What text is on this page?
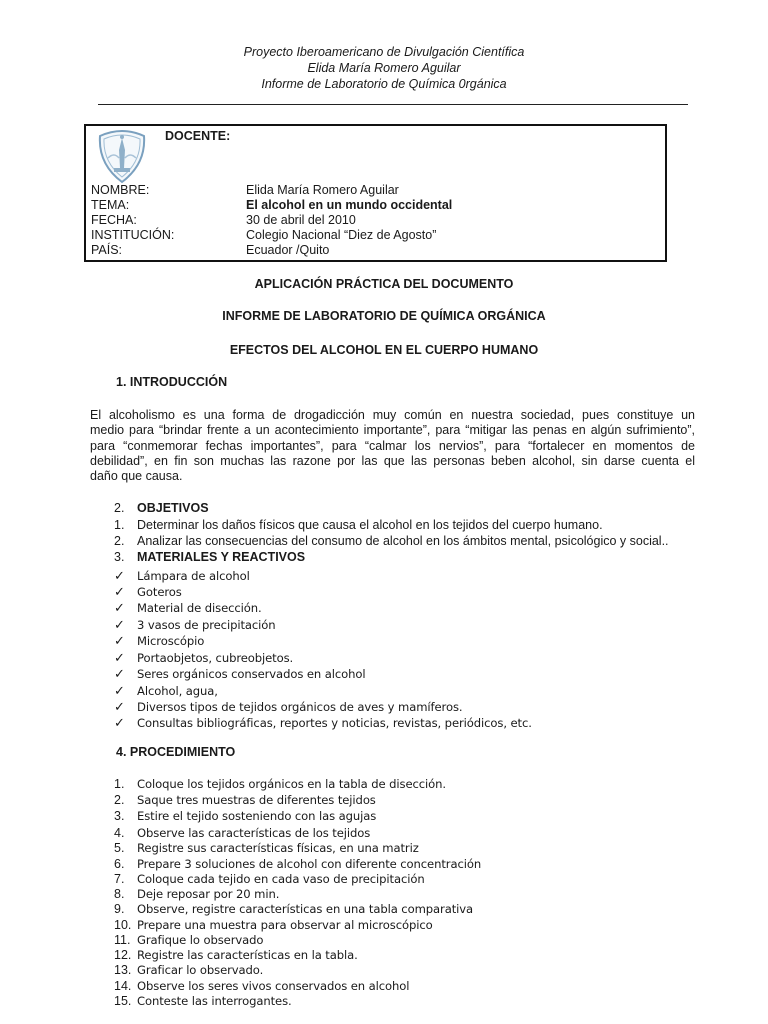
Proyecto Iberoamericano de Divulgación Científica
Elida María Romero Aguilar
Informe de Laboratorio de Química 0rgánica
DOCENTE:
NOMBRE:	Elida María Romero Aguilar
TEMA:	El alcohol en un mundo occidental
FECHA:	30 de abril del 2010
INSTITUCIÓN:	Colegio Nacional “Diez de Agosto”
PAÍS:	Ecuador /Quito
APLICACIÓN PRÁCTICA DEL DOCUMENTO
INFORME DE LABORATORIO DE QUÍMICA ORGÁNICA
EFECTOS DEL ALCOHOL EN EL CUERPO HUMANO
1. INTRODUCCIÓN
El alcoholismo es una forma de drogadicción muy común en nuestra sociedad, pues constituye un
medio para “brindar frente a un acontecimiento importante”, para “mitigar las penas en algún sufrimiento”,
para “conmemorar fechas importantes”, para “calmar los nervios”, para “fortalecer en momentos de
debilidad”, en fin son muchas las razone por las que las personas beben alcohol, sin darse cuenta el
daño que causa.
2. OBJETIVOS
1. Determinar los daños físicos que causa el alcohol en los tejidos del cuerpo humano.
2. Analizar las consecuencias del consumo de alcohol en los ámbitos mental, psicológico y social..
3. MATERIALES Y REACTIVOS
✓ Lámpara de alcohol
✓ Goteros
✓ Material de disección.
✓ 3 vasos de precipitación
✓ Microscópio
✓ Portaobjetos, cubreobjetos.
✓ Seres orgánicos conservados en alcohol
✓ Alcohol, agua,
✓ Diversos tipos de tejidos orgánicos de aves y mamíferos.
✓ Consultas bibliográficas, reportes y noticias, revistas, periódicos, etc.
4. PROCEDIMIENTO
1. Coloque los tejidos orgánicos en la tabla de disección.
2. Saque tres muestras de diferentes tejidos
3. Estire el tejido sosteniendo con las agujas
4. Observe las características de los tejidos
5. Registre sus características físicas, en una matriz
6. Prepare 3 soluciones de alcohol con diferente concentración
7. Coloque cada tejido en cada vaso de precipitación
8. Deje reposar por 20 min.
9. Observe, registre características en una tabla comparativa
10. Prepare una muestra para observar al microscópico
11. Grafique lo observado
12. Registre las características en la tabla.
13. Graficar lo observado.
14. Observe los seres vivos conservados en alcohol
15. Conteste las interrogantes.
